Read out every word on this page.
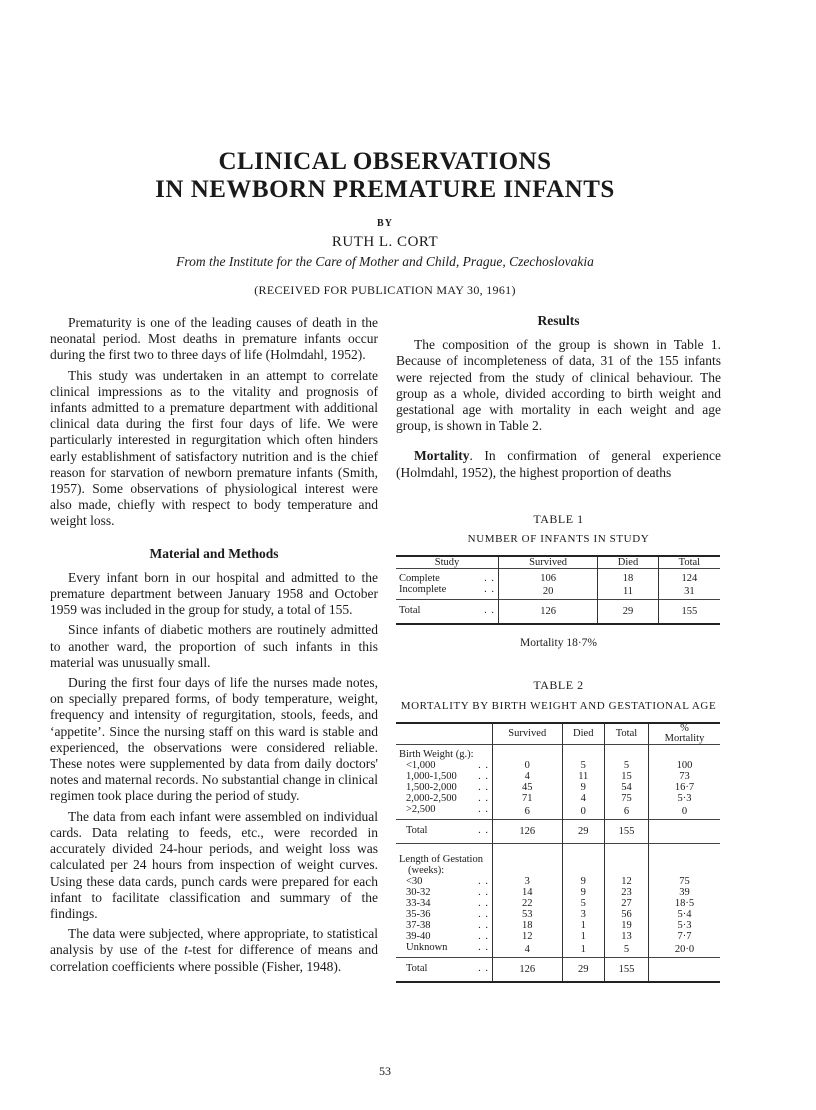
CLINICAL OBSERVATIONS
IN NEWBORN PREMATURE INFANTS
BY
RUTH L. CORT
From the Institute for the Care of Mother and Child, Prague, Czechoslovakia
(RECEIVED FOR PUBLICATION MAY 30, 1961)

Prematurity is one of the leading causes of death in the neonatal period. Most deaths in premature infants occur during the first two to three days of life (Holmdahl, 1952).

This study was undertaken in an attempt to correlate clinical impressions as to the vitality and prognosis of infants admitted to a premature department with additional clinical data during the first four days of life. We were particularly interested in regurgitation which often hinders early establishment of satisfactory nutrition and is the chief reason for starvation of newborn premature infants (Smith, 1957). Some observations of physiological interest were also made, chiefly with respect to body temperature and weight loss.

Material and Methods

Every infant born in our hospital and admitted to the premature department between January 1958 and October 1959 was included in the group for study, a total of 155.

Since infants of diabetic mothers are routinely admitted to another ward, the proportion of such infants in this material was unusually small.

During the first four days of life the nurses made notes, on specially prepared forms, of body temperature, weight, frequency and intensity of regurgitation, stools, feeds, and ‘appetite’. Since the nursing staff on this ward is stable and experienced, the observations were considered reliable. These notes were supplemented by data from daily doctors' notes and maternal records. No substantial change in clinical regimen took place during the period of study.

The data from each infant were assembled on individual cards. Data relating to feeds, etc., were recorded in accurately divided 24-hour periods, and weight loss was calculated per 24 hours from inspection of weight curves. Using these data cards, punch cards were prepared for each infant to facilitate classification and summary of the findings.

The data were subjected, where appropriate, to statistical analysis by use of the t-test for difference of means and correlation coefficients where possible (Fisher, 1948).

Results

The composition of the group is shown in Table 1. Because of incompleteness of data, 31 of the 155 infants were rejected from the study of clinical behaviour. The group as a whole, divided according to birth weight and gestational age with mortality in each weight and age group, is shown in Table 2.

Mortality. In confirmation of general experience (Holmdahl, 1952), the highest proportion of deaths

TABLE 1
NUMBER OF INFANTS IN STUDY
Study	Survived	Died	Total
Complete . .	106	18	124
Incomplete . .	20	11	31
Total . .	126	29	155
Mortality 18·7%
TABLE 2
MORTALITY BY BIRTH WEIGHT AND GESTATIONAL AGE
	Survived	Died	Total	%
Mortality
Birth Weight (g.):				
<1,000 . .	0	5	5	100
1,000-1,500 . .	4	11	15	73
1,500-2,000 . .	45	9	54	16·7
2,000-2,500 . .	71	4	75	5·3
>2,500 . .	6	0	6	0
Total . .	126	29	155	
Length of Gestation				
(weeks):				
<30 . .	3	9	12	75
30-32 . .	14	9	23	39
33-34 . .	22	5	27	18·5
35-36 . .	53	3	56	5·4
37-38 . .	18	1	19	5·3
39-40 . .	12	1	13	7·7
Unknown . .	4	1	5	20·0
Total . .	126	29	155	
53
